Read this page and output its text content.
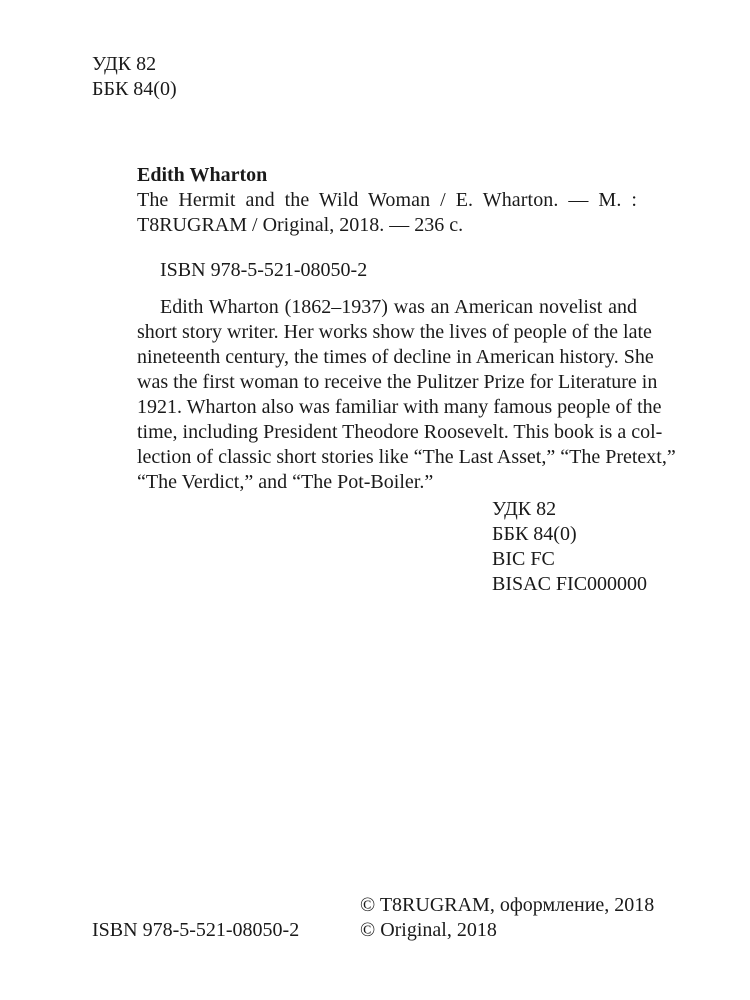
УДК 82
ББК 84(0)
Edith Wharton
The Hermit and the Wild Woman / E. Wharton. — M. :
T8RUGRAM / Original, 2018. — 236 c.
ISBN 978-5-521-08050-2
Edith Wharton (1862–1937) was an American novelist and
short story writer. Her works show the lives of people of the late
nineteenth century, the times of decline in American history. She
was the first woman to receive the Pulitzer Prize for Literature in
1921. Wharton also was familiar with many famous people of the
time, including President Theodore Roosevelt. This book is a col-
lection of classic short stories like “The Last Asset,” “The Pretext,”
“The Verdict,” and “The Pot-Boiler.”
УДК 82
ББК 84(0)
BIC FC
BISAC FIC000000
ISBN 978-5-521-08050-2
© T8RUGRAM, оформление, 2018
© Original, 2018
